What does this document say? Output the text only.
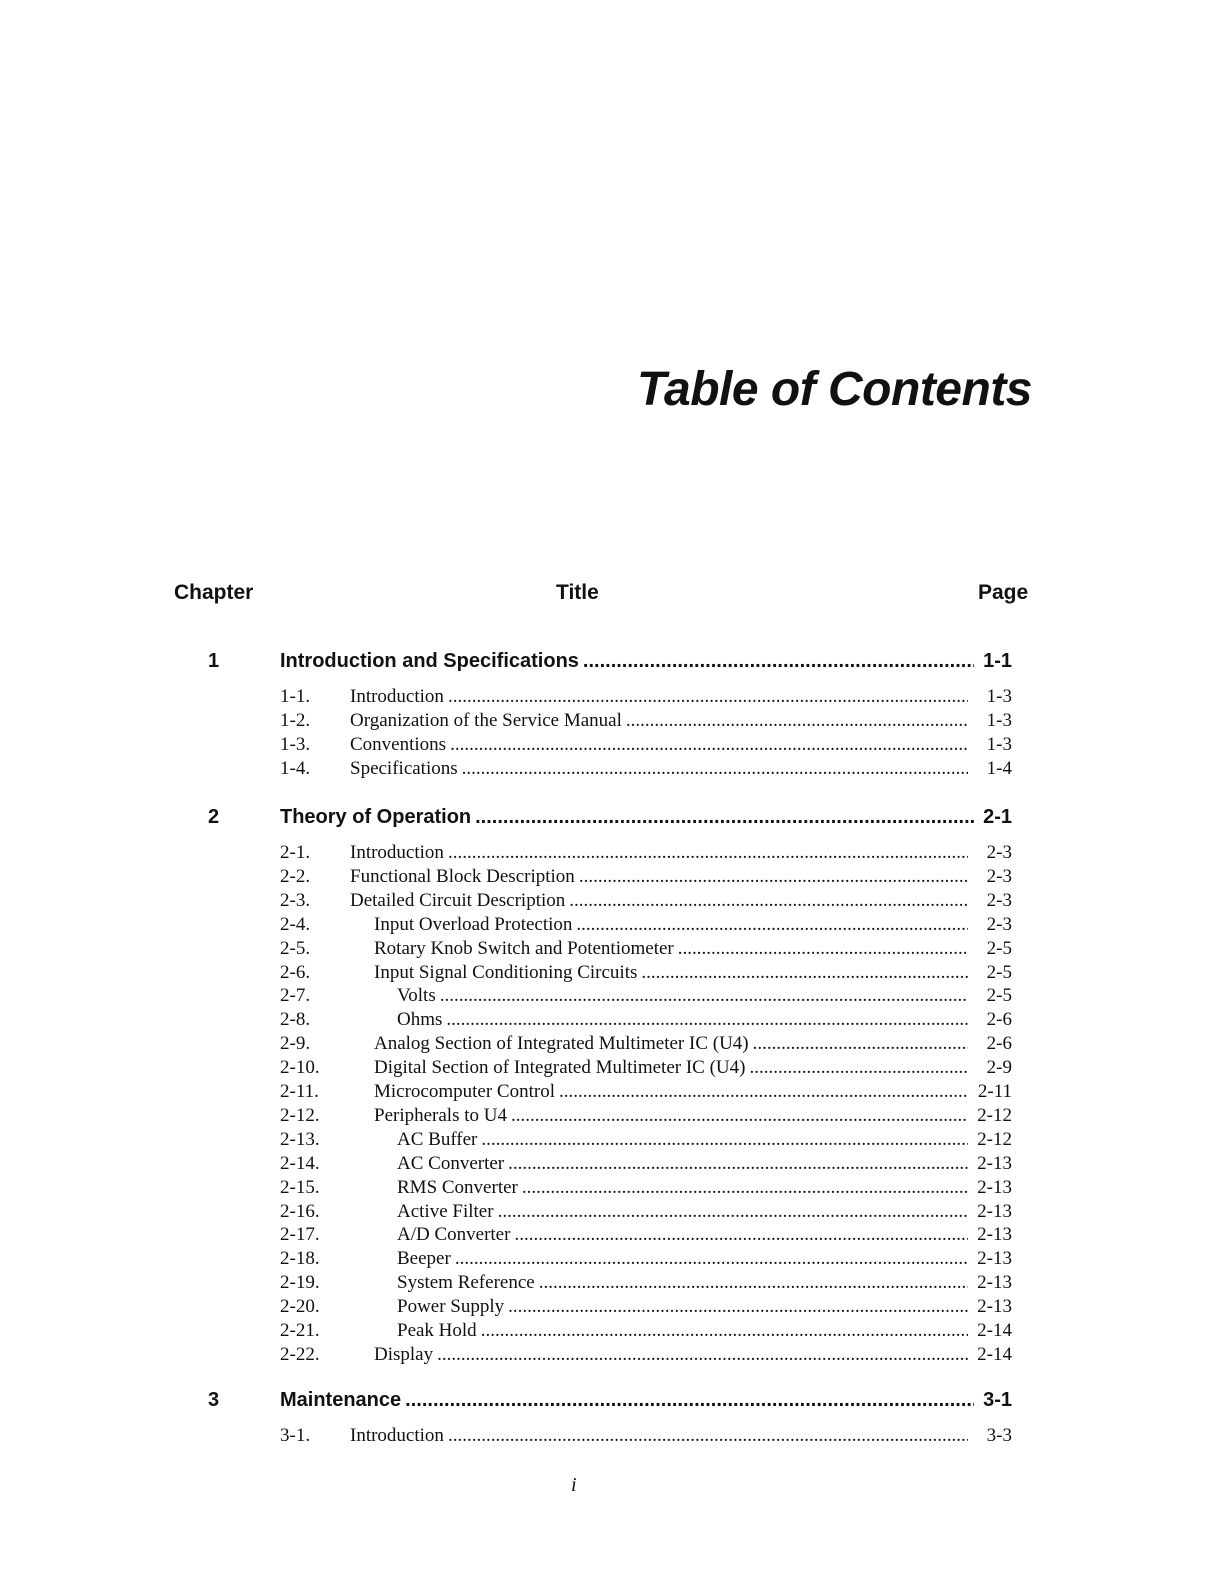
Table of Contents
Chapter	Title	Page
1	Introduction and Specifications .....	1-1
1-1.	Introduction .....	1-3
1-2.	Organization of the Service Manual .....	1-3
1-3.	Conventions .....	1-3
1-4.	Specifications .....	1-4
2	Theory of Operation .....	2-1
2-1.	Introduction .....	2-3
2-2.	Functional Block Description .....	2-3
2-3.	Detailed Circuit Description .....	2-3
2-4.	Input Overload Protection .....	2-3
2-5.	Rotary Knob Switch and Potentiometer .....	2-5
2-6.	Input Signal Conditioning Circuits .....	2-5
2-7.	Volts .....	2-5
2-8.	Ohms .....	2-6
2-9.	Analog Section of Integrated Multimeter IC (U4) .....	2-6
2-10.	Digital Section of Integrated Multimeter IC (U4) .....	2-9
2-11.	Microcomputer Control .....	2-11
2-12.	Peripherals to U4 .....	2-12
2-13.	AC Buffer .....	2-12
2-14.	AC Converter .....	2-13
2-15.	RMS Converter .....	2-13
2-16.	Active Filter .....	2-13
2-17.	A/D Converter .....	2-13
2-18.	Beeper .....	2-13
2-19.	System Reference .....	2-13
2-20.	Power Supply .....	2-13
2-21.	Peak Hold .....	2-14
2-22.	Display .....	2-14
3	Maintenance .....	3-1
3-1.	Introduction .....	3-3
i
